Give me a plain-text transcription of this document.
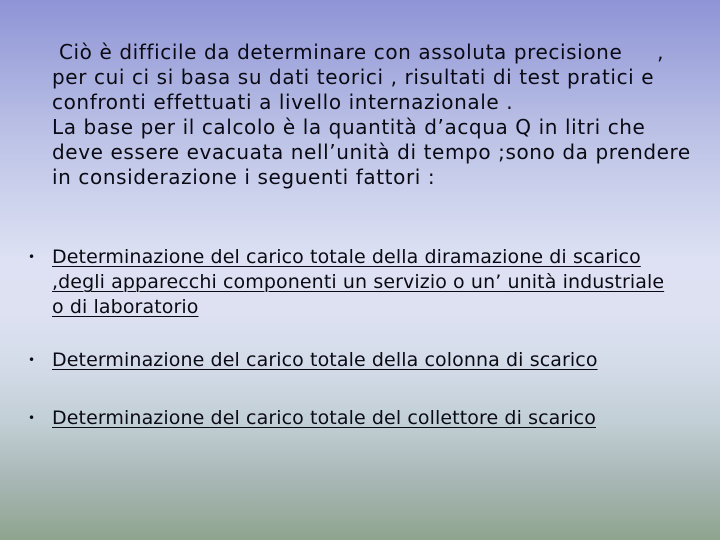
Ciò è difficile da determinare con assoluta precisione     ,

per cui ci si basa su dati teorici , risultati di test pratici e

confronti effettuati a livello internazionale .

La base per il calcolo è la quantità d’acqua Q in litri che

deve essere evacuata nell’unità di tempo ;sono da prendere

in considerazione i seguenti fattori :

• Determinazione del carico totale della diramazione di scarico
,degli apparecchi componenti un servizio o un’ unità industriale
o di laboratorio
• Determinazione del carico totale della colonna di scarico
• Determinazione del carico totale del collettore di scarico
